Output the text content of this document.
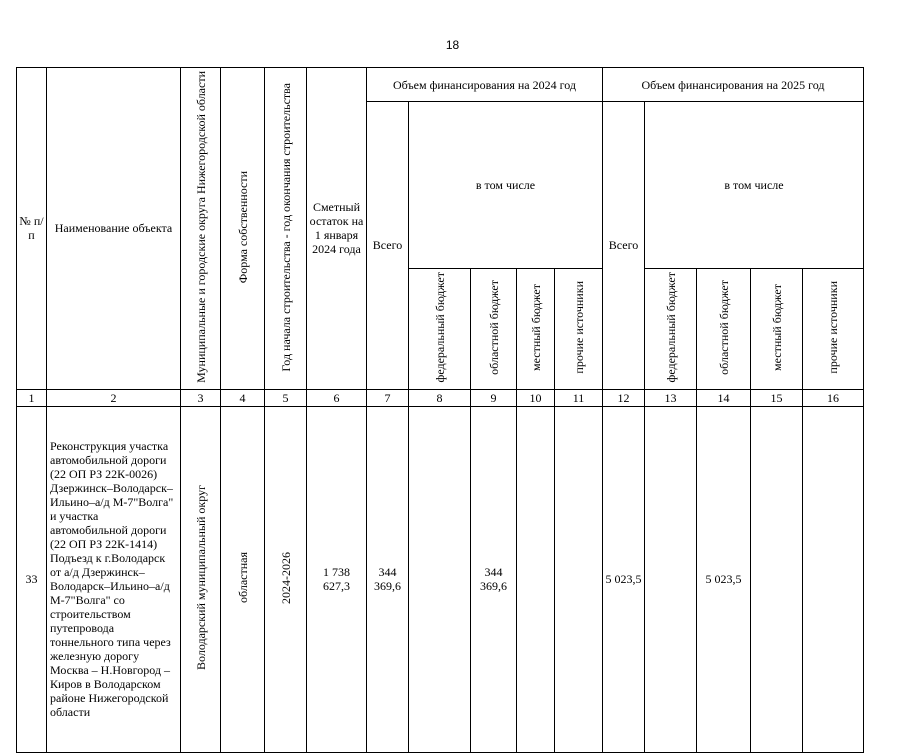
18
№ п/п	Наименование объекта	Муниципальные и городские округа Нижегородской области	Форма собственности	Год начала строительства - год окончания строительства	Сметный остаток на 1 января 2024 года	Объем финансирования на 2024 год					Объем финансирования на 2025 год				
						Всего	в том числе				Всего	в том числе			
							федеральный бюджет	областной бюджет	местный бюджет	прочие источники		федеральный бюджет	областной бюджет	местный бюджет	прочие источники
1	2	3	4	5	6	7	8	9	10	11	12	13	14	15	16
33	Реконструкция участка автомобильной дороги (22 ОП РЗ 22К-0026) Дзержинск–Володарск–Ильино–а/д М-7"Волга" и участка автомобильной дороги (22 ОП РЗ 22К-1414) Подъезд к г.Володарск от а/д Дзержинск–Володарск–Ильино–а/д М-7"Волга" со строительством путепровода тоннельного типа через железную дорогу Москва – Н.Новгород – Киров в Володарском районе Нижегородской области	Володарский муниципальный округ	областная	2024-2026	1 738 627,3	344 369,6		344 369,6			5 023,5		5 023,5		
